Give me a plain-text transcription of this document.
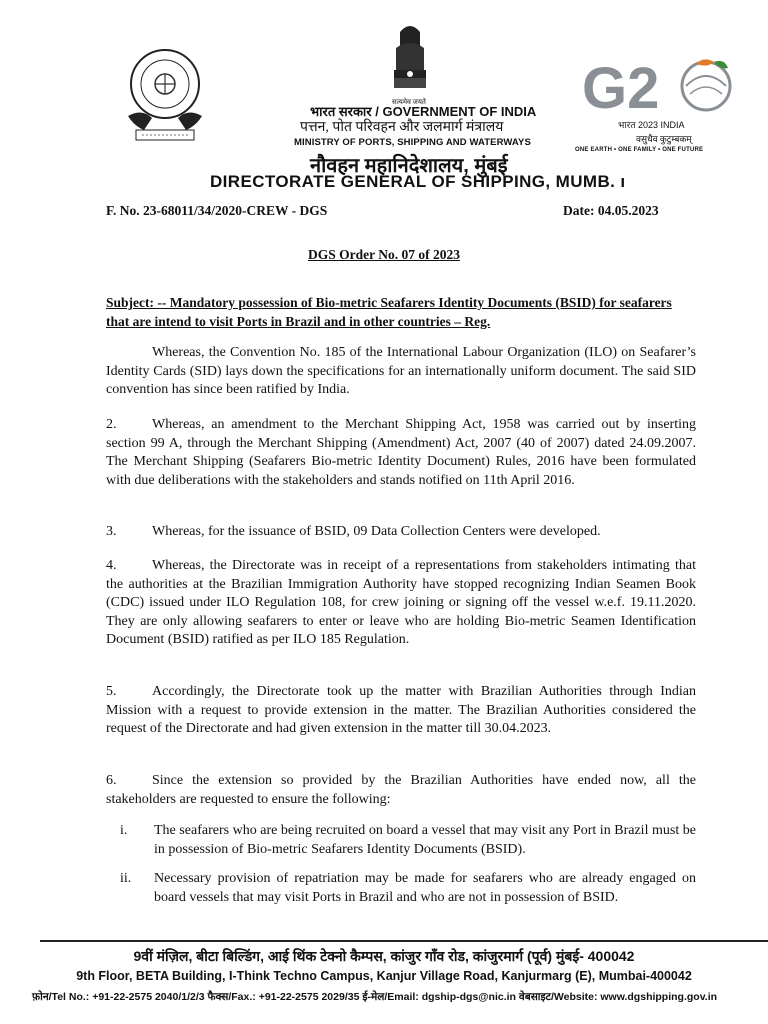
सत्यमेव जयते	G2
भारत 2023 INDIA
वसुधैव कुटुम्बकम्
ONE EARTH • ONE FAMILY • ONE FUTURE
भारत सरकार / GOVERNMENT OF INDIA
पत्तन, पोत परिवहन और जलमार्ग मंत्रालय
MINISTRY OF PORTS, SHIPPING AND WATERWAYS
नौवहन महानिदेशालय, मुंबई
DIRECTORATE GENERAL OF SHIPPING, MUMB. ı
F. No. 23-68011/34/2020-CREW - DGS	Date: 04.05.2023
DGS Order No. 07 of 2023
Subject: -- Mandatory possession of Bio-metric Seafarers Identity Documents (BSID) for seafarers that are intend to visit Ports in Brazil and in other countries – Reg.
Whereas, the Convention No. 185 of the International Labour Organization (ILO) on Seafarer’s Identity Cards (SID) lays down the specifications for an internationally uniform document. The said SID convention has since been ratified by India.
2.	Whereas, an amendment to the Merchant Shipping Act, 1958 was carried out by inserting section 99 A, through the Merchant Shipping (Amendment) Act, 2007 (40 of 2007) dated 24.09.2007. The Merchant Shipping (Seafarers Bio-metric Identity Document) Rules, 2016 have been formulated with due deliberations with the stakeholders and stands notified on 11th April 2016.
3.	Whereas, for the issuance of BSID, 09 Data Collection Centers were developed.
4.	Whereas, the Directorate was in receipt of a representations from stakeholders intimating that the authorities at the Brazilian Immigration Authority have stopped recognizing Indian Seamen Book (CDC) issued under ILO Regulation 108, for crew joining or signing off the vessel w.e.f. 19.11.2020. They are only allowing seafarers to enter or leave who are holding Bio-metric Seamen Identification Document (BSID) ratified as per ILO 185 Regulation.
5.	Accordingly, the Directorate took up the matter with Brazilian Authorities through Indian Mission with a request to provide extension in the matter. The Brazilian Authorities considered the request of the Directorate and had given extension in the matter till 30.04.2023.
6.	Since the extension so provided by the Brazilian Authorities have ended now, all the stakeholders are requested to ensure the following:
i.	The seafarers who are being recruited on board a vessel that may visit any Port in Brazil must be in possession of Bio-metric Seafarers Identity Documents (BSID).
ii.	Necessary provision of repatriation may be made for seafarers who are already engaged on board vessels that may visit Ports in Brazil and who are not in possession of BSID.
9वीं मंज़िल, बीटा बिल्डिंग, आई थिंक टेक्नो कैम्पस, कांजुर गाँव रोड, कांजुरमार्ग (पूर्व) मुंबई- 400042
9th Floor, BETA Building, I-Think Techno Campus, Kanjur Village Road, Kanjurmarg (E), Mumbai-400042
फ़ोन/Tel No.: +91-22-2575 2040/1/2/3 फैक्स/Fax.: +91-22-2575 2029/35 ई-मेल/Email: dgship-dgs@nic.in वेबसाइट/Website: www.dgshipping.gov.in
